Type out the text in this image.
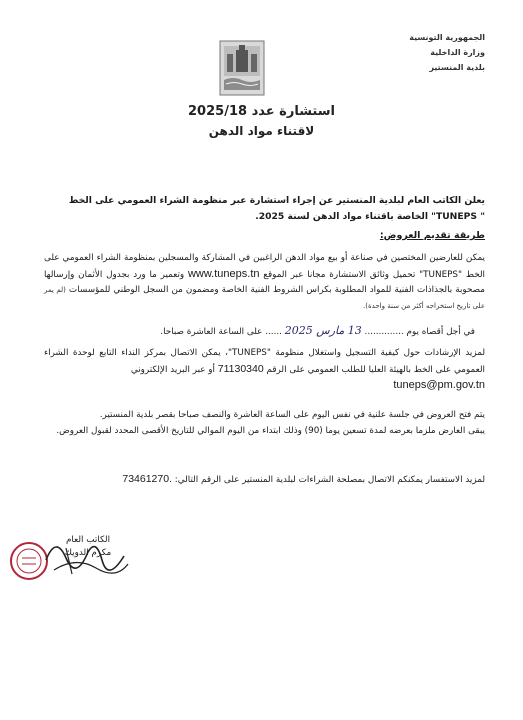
الجمهورية التونسية
وزارة الداخلية
بلدية المنستير
استشارة عدد 2025/18
لاقتناء مواد الدهن
يعلن الكاتب العام لبلدية المنستير عن إجراء استشارة عبر منظومة الشراء العمومي على الخط
" TUNEPS" الخاصة باقتناء مواد الدهن لسنة 2025.
طريقة تقديم العروض:
يمكن للعارضين المختصين في صناعة أو بيع مواد الدهن الراغبين في المشاركة والمسجلين بمنظومة الشراء العمومي على الخط "TUNEPS" تحميل وثائق الاستشارة مجانا عبر الموقع www.tuneps.tn وتعمير ما ورد بجدول الأثمان وإرسالها مصحوبة بالجذاذات الفنية للمواد المطلوبة بكراس الشروط الفنية الخاصة ومضمون من السجل الوطني للمؤسسات (لم يمر على تاريخ استخراجه أكثر من سنة واحدة).
في أجل أقصاه يوم .............. 13 مارس 2025 ...... على الساعة العاشرة صباحا.
لمزيد الإرشادات حول كيفية التسجيل واستغلال منظومة "TUNEPS"، يمكن الاتصال بمركز النداء التابع لوحدة الشراء العمومي على الخط بالهيئة العليا للطلب العمومي على الرقم 71130340 أو عبر البريد الإلكتروني
tuneps@pm.gov.tn
يتم فتح العروض في جلسة علنية في نفس اليوم على الساعة العاشرة والنصف صباحا بقصر بلدية المنستير.
يبقى العارض ملزما بعرضه لمدة تسعين يوما (90) وذلك ابتداء من اليوم الموالي للتاريخ الأقصى المحدد لقبول العروض.
لمزيد الاستفسار يمكنكم الاتصال بمصلحة الشراءات لبلدية المنستير على الرقم التالي: 73461270.
الكاتب العام
مكرم الدويك
